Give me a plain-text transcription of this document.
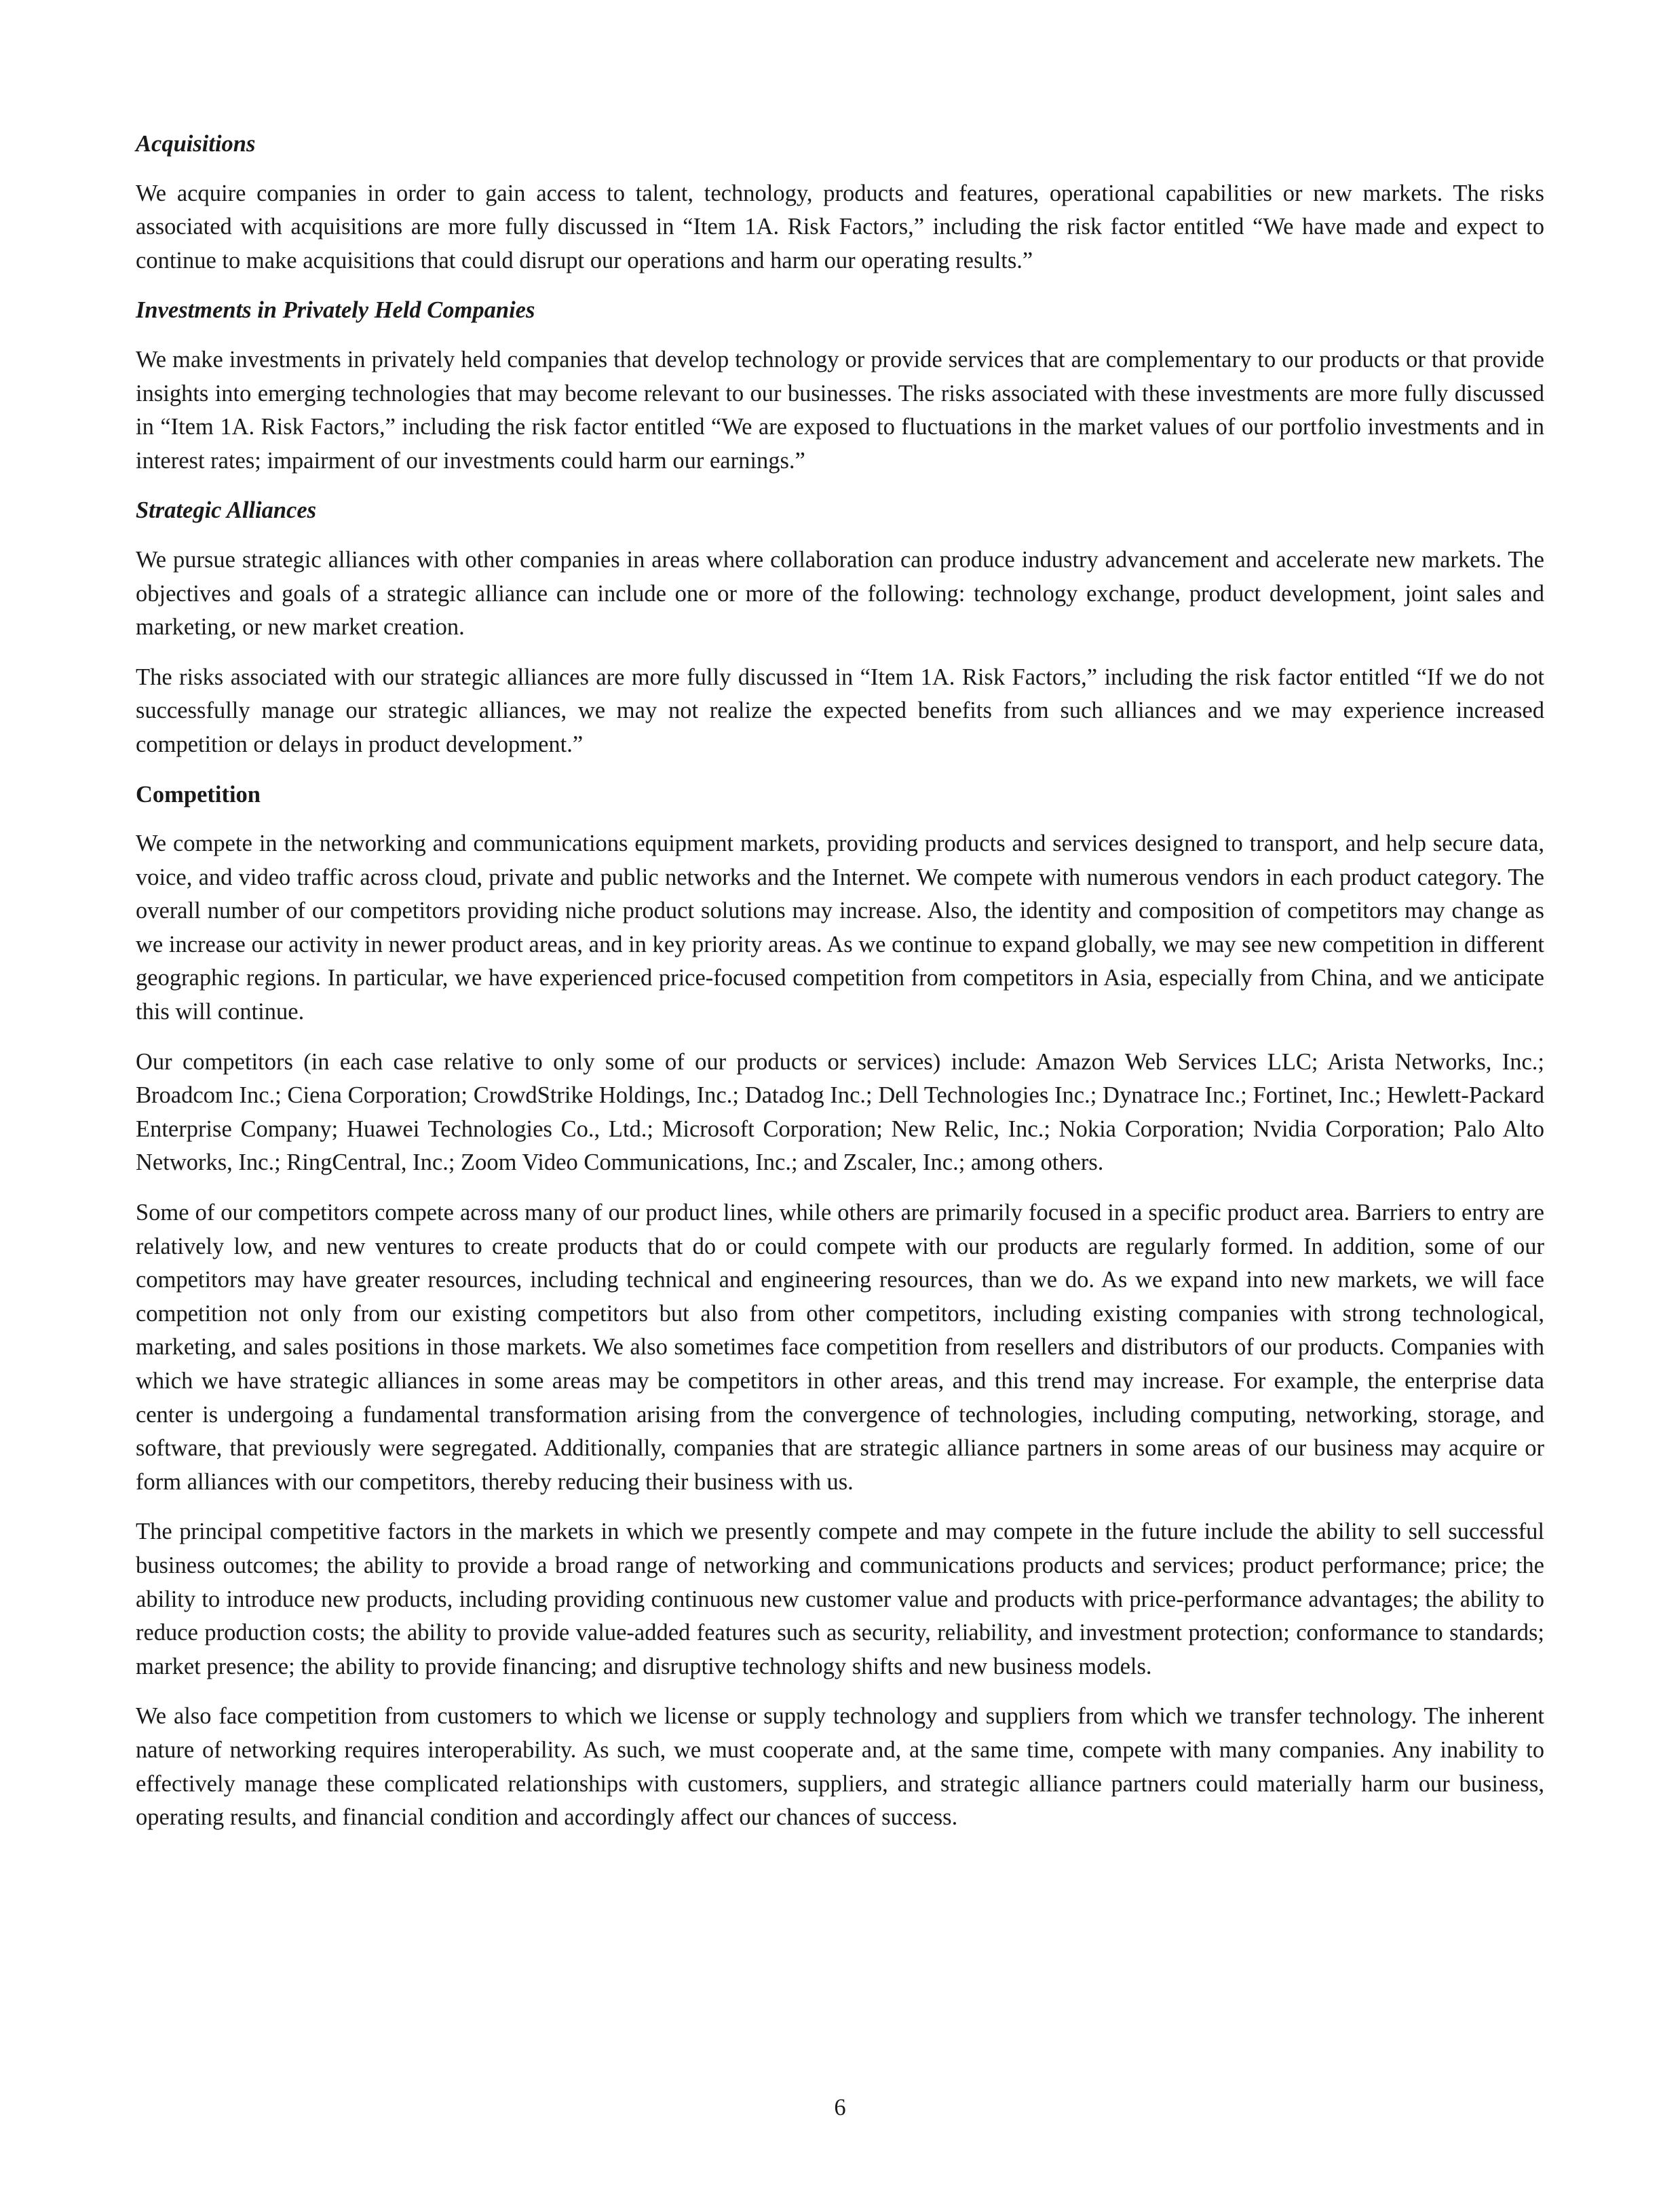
Acquisitions

We acquire companies in order to gain access to talent, technology, products and features, operational capabilities or new markets. The risks associated with acquisitions are more fully discussed in “Item 1A. Risk Factors,” including the risk factor entitled “We have made and expect to continue to make acquisitions that could disrupt our operations and harm our operating results.”

Investments in Privately Held Companies

We make investments in privately held companies that develop technology or provide services that are complementary to our products or that provide insights into emerging technologies that may become relevant to our businesses. The risks associated with these investments are more fully discussed in “Item 1A. Risk Factors,” including the risk factor entitled “We are exposed to fluctuations in the market values of our portfolio investments and in interest rates; impairment of our investments could harm our earnings.”

Strategic Alliances

We pursue strategic alliances with other companies in areas where collaboration can produce industry advancement and accelerate new markets. The objectives and goals of a strategic alliance can include one or more of the following: technology exchange, product development, joint sales and marketing, or new market creation.

The risks associated with our strategic alliances are more fully discussed in “Item 1A. Risk Factors,” including the risk factor entitled “If we do not successfully manage our strategic alliances, we may not realize the expected benefits from such alliances and we may experience increased competition or delays in product development.”

Competition

We compete in the networking and communications equipment markets, providing products and services designed to transport, and help secure data, voice, and video traffic across cloud, private and public networks and the Internet. We compete with numerous vendors in each product category. The overall number of our competitors providing niche product solutions may increase. Also, the identity and composition of competitors may change as we increase our activity in newer product areas, and in key priority areas. As we continue to expand globally, we may see new competition in different geographic regions. In particular, we have experienced price-focused competition from competitors in Asia, especially from China, and we anticipate this will continue.

Our competitors (in each case relative to only some of our products or services) include: Amazon Web Services LLC; Arista Networks, Inc.; Broadcom Inc.; Ciena Corporation; CrowdStrike Holdings, Inc.; Datadog Inc.; Dell Technologies Inc.; Dynatrace Inc.; Fortinet, Inc.; Hewlett-Packard Enterprise Company; Huawei Technologies Co., Ltd.; Microsoft Corporation; New Relic, Inc.; Nokia Corporation; Nvidia Corporation; Palo Alto Networks, Inc.; RingCentral, Inc.; Zoom Video Communications, Inc.; and Zscaler, Inc.; among others.

Some of our competitors compete across many of our product lines, while others are primarily focused in a specific product area. Barriers to entry are relatively low, and new ventures to create products that do or could compete with our products are regularly formed. In addition, some of our competitors may have greater resources, including technical and engineering resources, than we do. As we expand into new markets, we will face competition not only from our existing competitors but also from other competitors, including existing companies with strong technological, marketing, and sales positions in those markets. We also sometimes face competition from resellers and distributors of our products. Companies with which we have strategic alliances in some areas may be competitors in other areas, and this trend may increase. For example, the enterprise data center is undergoing a fundamental transformation arising from the convergence of technologies, including computing, networking, storage, and software, that previously were segregated. Additionally, companies that are strategic alliance partners in some areas of our business may acquire or form alliances with our competitors, thereby reducing their business with us.

The principal competitive factors in the markets in which we presently compete and may compete in the future include the ability to sell successful business outcomes; the ability to provide a broad range of networking and communications products and services; product performance; price; the ability to introduce new products, including providing continuous new customer value and products with price-performance advantages; the ability to reduce production costs; the ability to provide value-added features such as security, reliability, and investment protection; conformance to standards; market presence; the ability to provide financing; and disruptive technology shifts and new business models.

We also face competition from customers to which we license or supply technology and suppliers from which we transfer technology. The inherent nature of networking requires interoperability. As such, we must cooperate and, at the same time, compete with many companies. Any inability to effectively manage these complicated relationships with customers, suppliers, and strategic alliance partners could materially harm our business, operating results, and financial condition and accordingly affect our chances of success.

6
